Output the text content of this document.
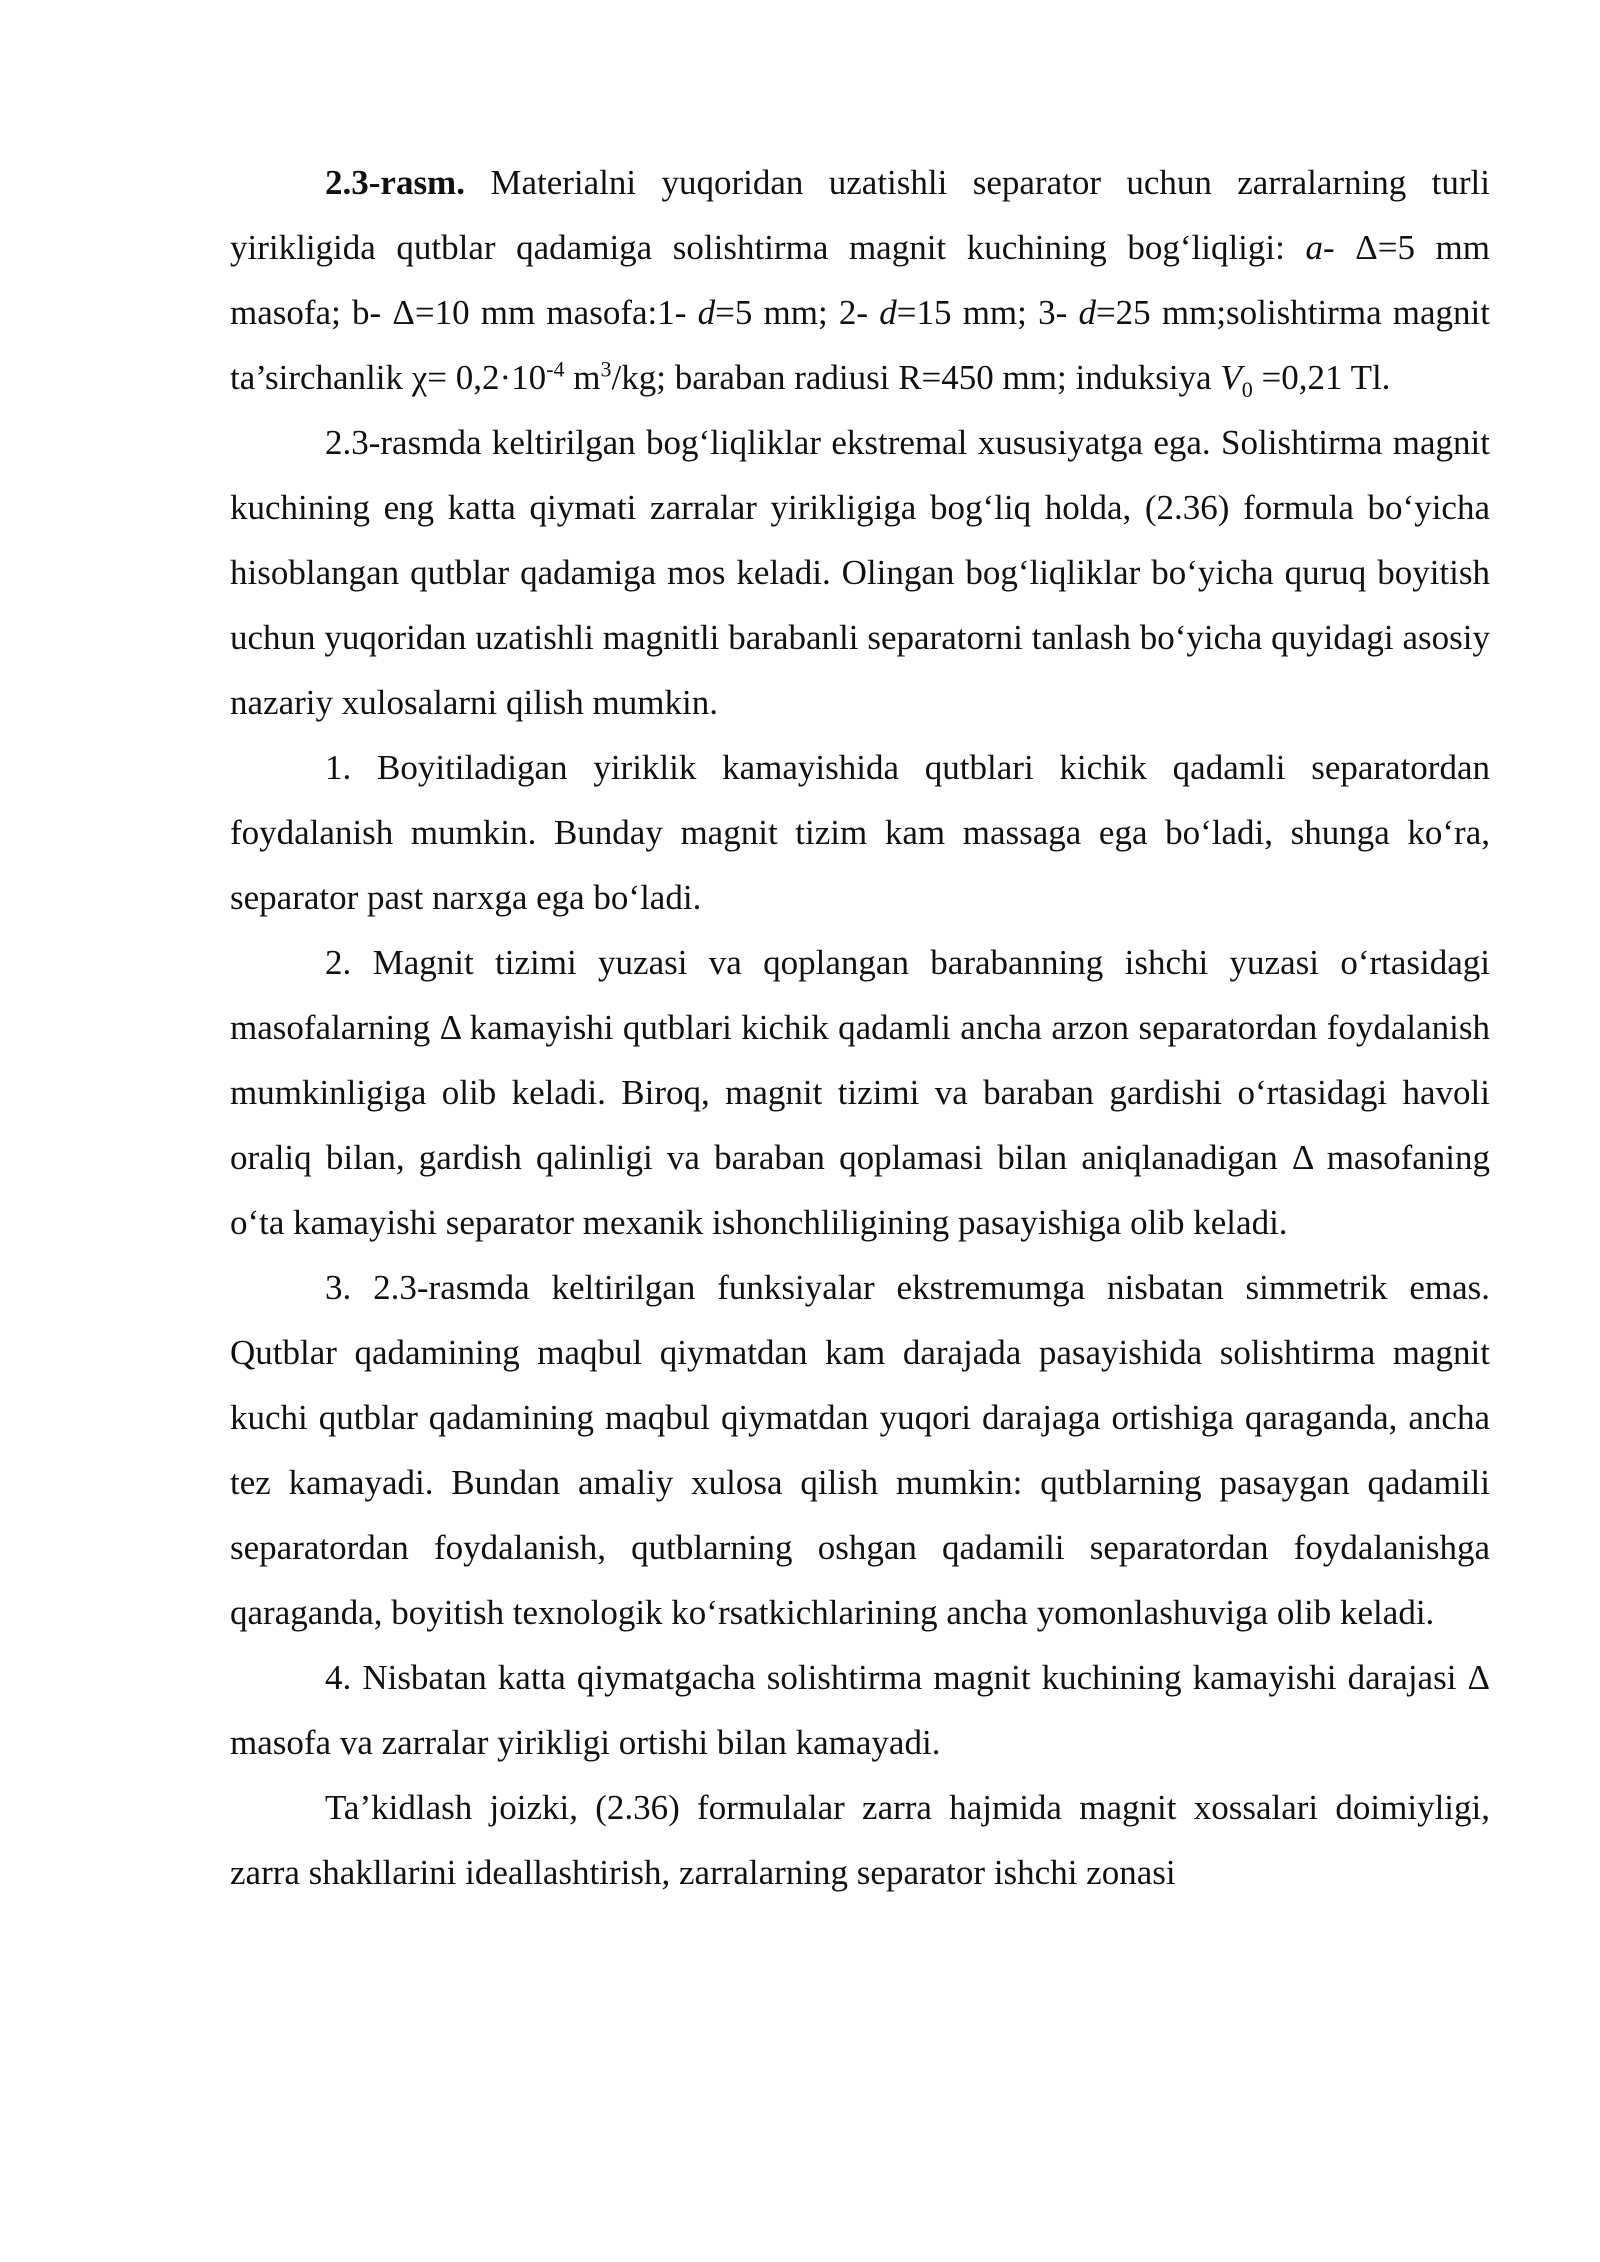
2.3-rasm. Materialni yuqoridan uzatishli separator uchun zarralarning turli yirikligida qutblar qadamiga solishtirma magnit kuchining bog‘liqligi: a- Δ=5 mm masofa; b- Δ=10 mm masofa:1- d=5 mm; 2- d=15 mm; 3- d=25 mm;solishtirma magnit ta’sirchanlik $\chi= 0,2\cdot 10^{-4}$ $m^3/kg$; baraban radiusi R=450 mm; induksiya $V_0 =0,21$ Tl.

2.3-rasmda keltirilgan bog‘liqliklar ekstremal xususiyatga ega. Solishtirma magnit kuchining eng katta qiymati zarralar yirikligiga bog‘liq holda, (2.36) formula bo‘yicha hisoblangan qutblar qadamiga mos keladi. Olingan bog‘liqliklar bo‘yicha quruq boyitish uchun yuqoridan uzatishli magnitli barabanli separatorni tanlash bo‘yicha quyidagi asosiy nazariy xulosalarni qilish mumkin.

1. Boyitiladigan yiriklik kamayishida qutblari kichik qadamli separatordan foydalanish mumkin. Bunday magnit tizim kam massaga ega bo‘ladi, shunga ko‘ra, separator past narxga ega bo‘ladi.

2. Magnit tizimi yuzasi va qoplangan barabanning ishchi yuzasi o‘rtasidagi masofalarning Δ kamayishi qutblari kichik qadamli ancha arzon separatordan foydalanish mumkinligiga olib keladi. Biroq, magnit tizimi va baraban gardishi o‘rtasidagi havoli oraliq bilan, gardish qalinligi va baraban qoplamasi bilan aniqlanadigan Δ masofaning o‘ta kamayishi separator mexanik ishonchliligining pasayishiga olib keladi.

3. 2.3-rasmda keltirilgan funksiyalar ekstremumga nisbatan simmetrik emas. Qutblar qadamining maqbul qiymatdan kam darajada pasayishida solishtirma magnit kuchi qutblar qadamining maqbul qiymatdan yuqori darajaga ortishiga qaraganda, ancha tez kamayadi. Bundan amaliy xulosa qilish mumkin: qutblarning pasaygan qadamili separatordan foydalanish, qutblarning oshgan qadamili separatordan foydalanishga qaraganda, boyitish texnologik ko‘rsatkichlarining ancha yomonlashuviga olib keladi.

4. Nisbatan katta qiymatgacha solishtirma magnit kuchining kamayishi darajasi Δ masofa va zarralar yirikligi ortishi bilan kamayadi.

Ta’kidlash joizki, (2.36) formulalar zarra hajmida magnit xossalari doimiyligi, zarra shakllarini ideallashtirish, zarralarning separator ishchi zonasi
